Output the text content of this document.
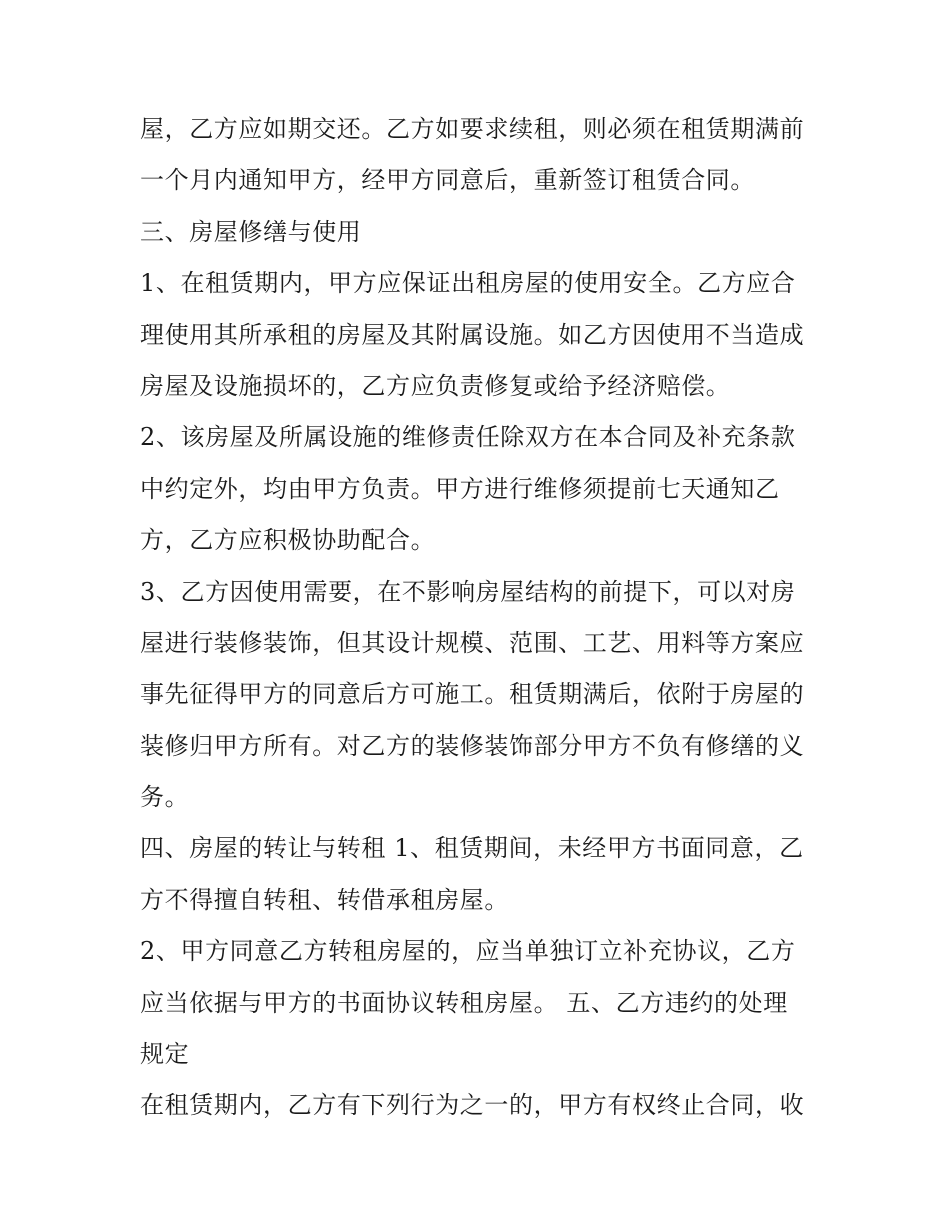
屋，乙方应如期交还。乙方如要求续租，则必须在租赁期满前
一个月内通知甲方，经甲方同意后，重新签订租赁合同。
三、房屋修缮与使用
1、在租赁期内，甲方应保证出租房屋的使用安全。乙方应合
理使用其所承租的房屋及其附属设施。如乙方因使用不当造成
房屋及设施损坏的，乙方应负责修复或给予经济赔偿。
2、该房屋及所属设施的维修责任除双方在本合同及补充条款
中约定外，均由甲方负责。甲方进行维修须提前七天通知乙
方，乙方应积极协助配合。
3、乙方因使用需要，在不影响房屋结构的前提下，可以对房
屋进行装修装饰，但其设计规模、范围、工艺、用料等方案应
事先征得甲方的同意后方可施工。租赁期满后，依附于房屋的
装修归甲方所有。对乙方的装修装饰部分甲方不负有修缮的义
务。
四、房屋的转让与转租 1、租赁期间，未经甲方书面同意，乙
方不得擅自转租、转借承租房屋。
2、甲方同意乙方转租房屋的，应当单独订立补充协议，乙方
应当依据与甲方的书面协议转租房屋。 五、乙方违约的处理
规定
在租赁期内，乙方有下列行为之一的，甲方有权终止合同，收
